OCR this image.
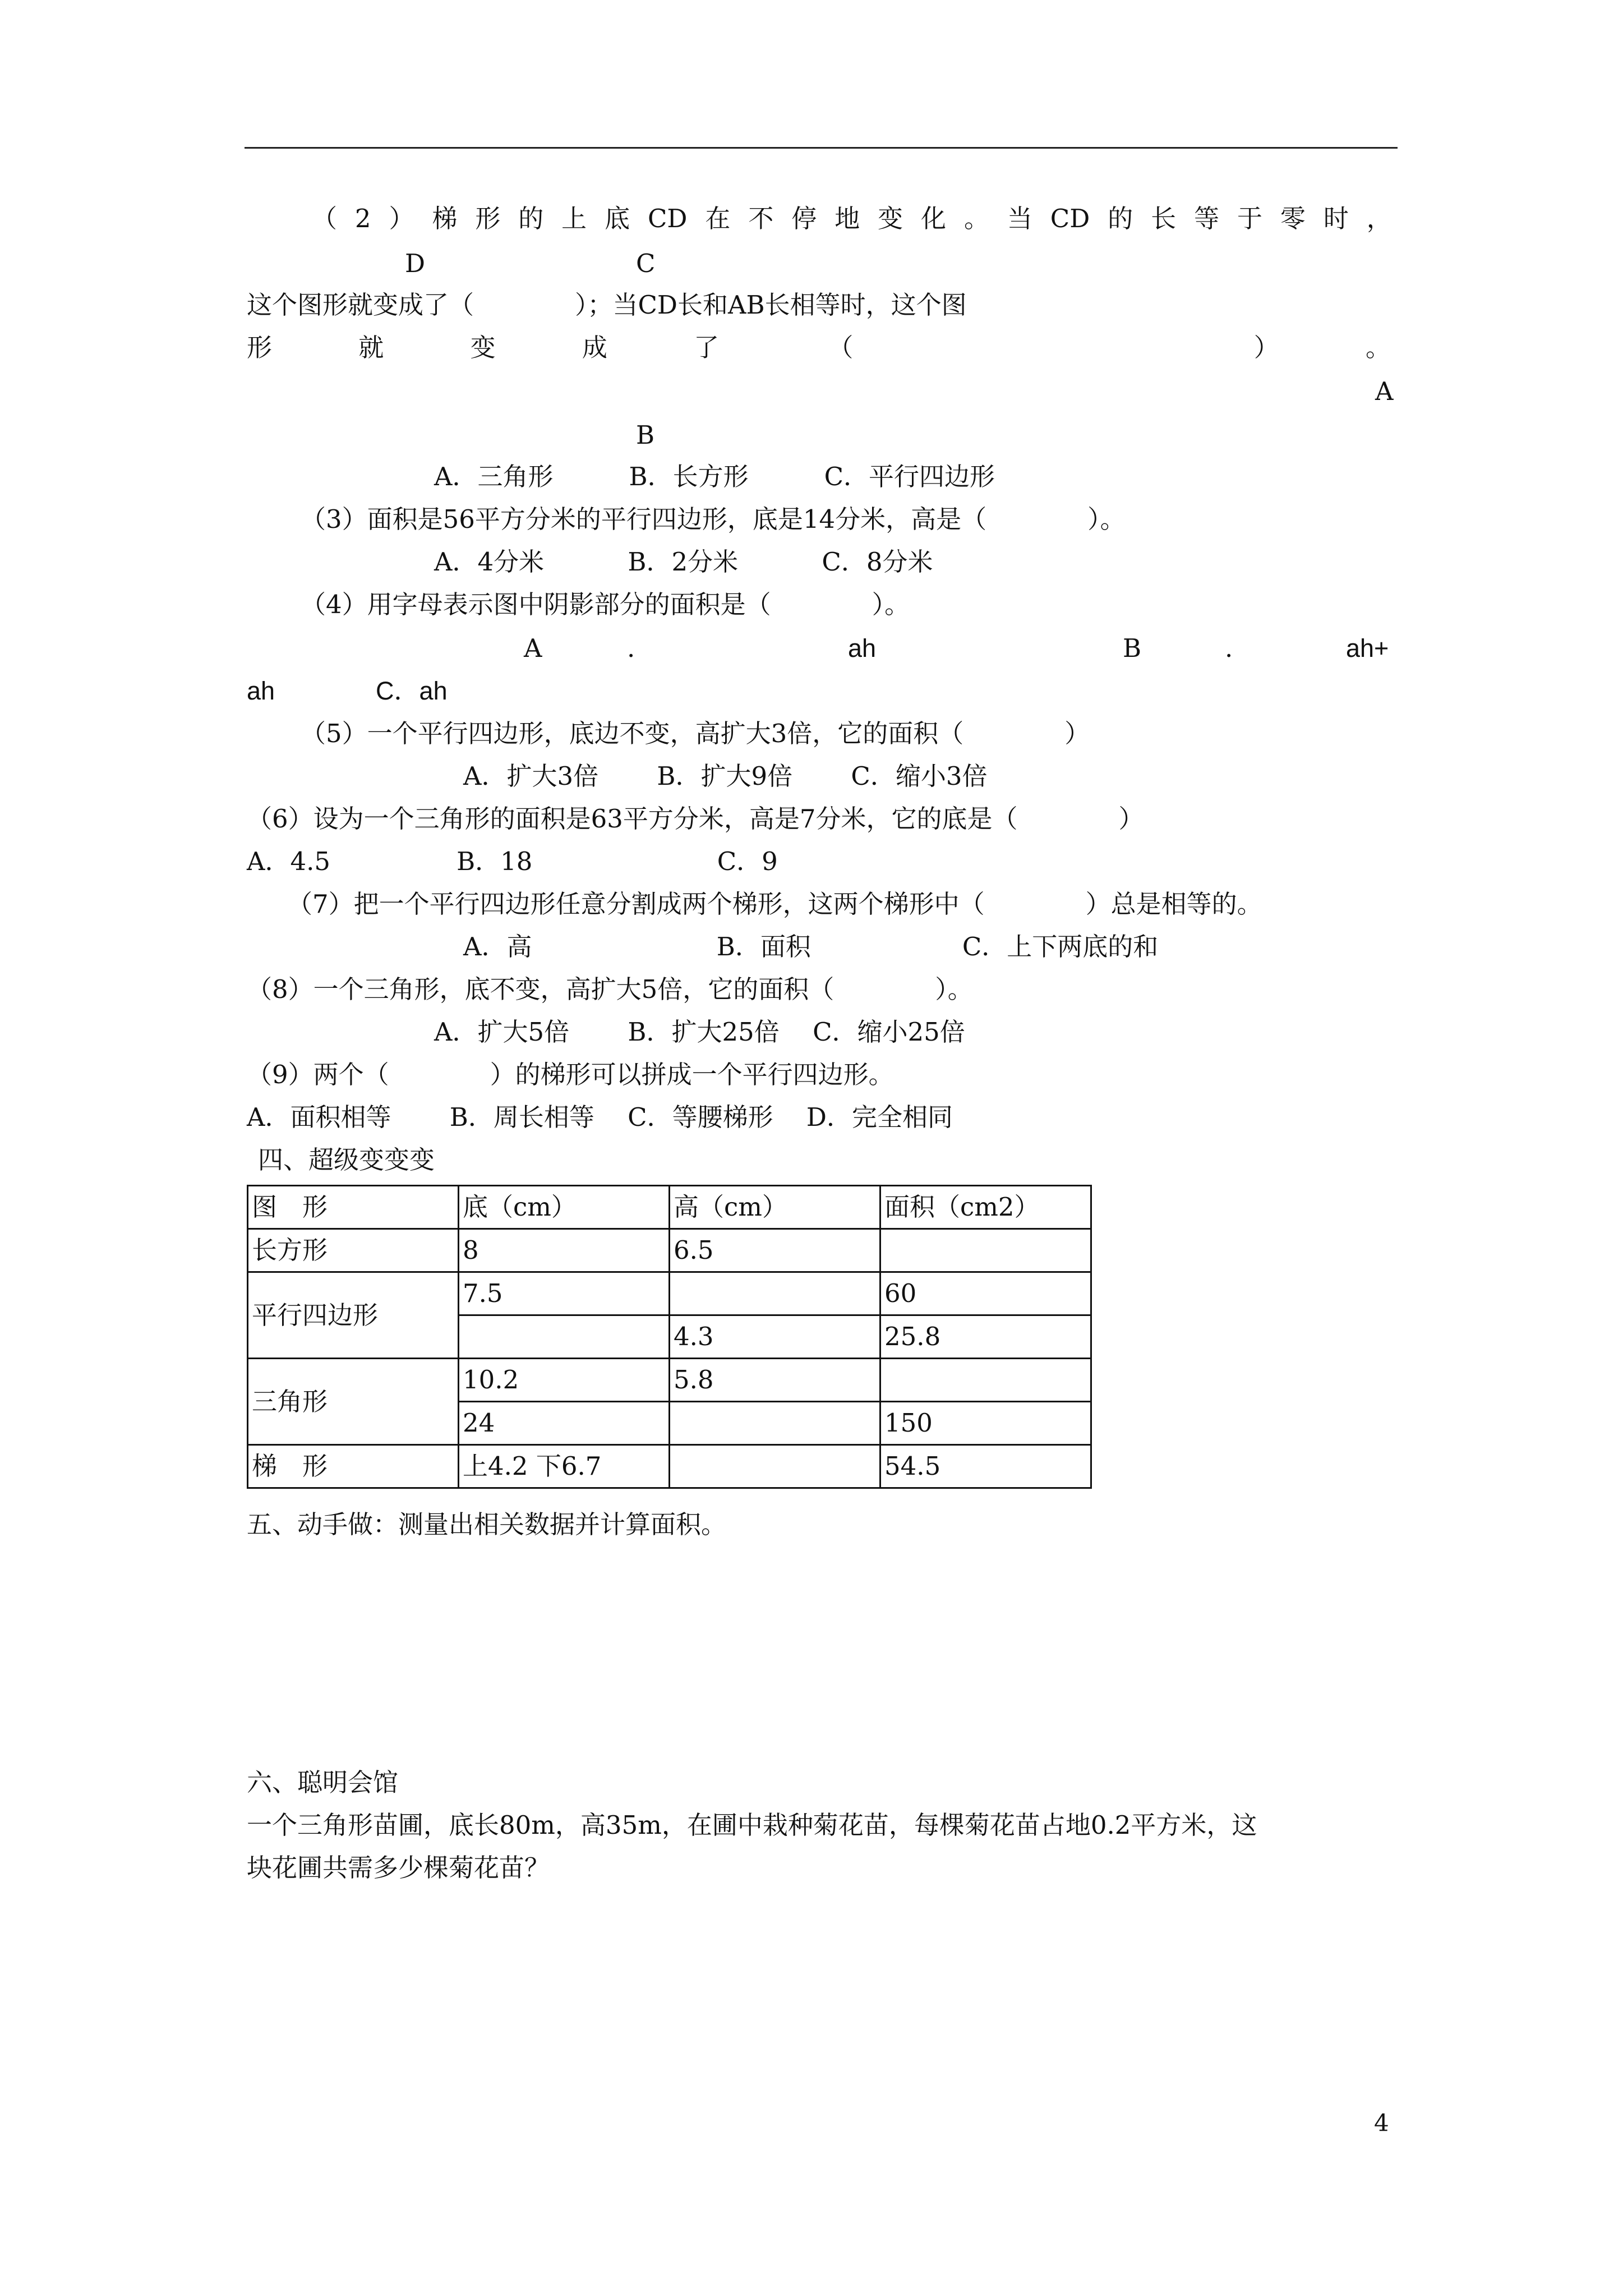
（ 2 ） 梯 形 的 上 底 CD 在 不 停 地 变 化 。 当 CD 的 长 等 于 零 时 ，
D	C
这个图形就变成了（　　　　）；当CD长和AB长相等时，这个图
形	就	变	成	了	（	）	。
A
B
A．三角形　　　B．长方形　　　C．平行四边形
（3）面积是56平方分米的平行四边形，底是14分米，高是（　　　　）。
A．4分米　　　 B．2分米　　　 C．8分米
（4）用字母表示图中阴影部分的面积是（　　　　）。
A	.	ah	B	.	ah+
ah　　　　C．ah
（5）一个平行四边形，底边不变，高扩大3倍，它的面积（　　　　）
A．扩大3倍　　 B．扩大9倍　　 C．缩小3倍
（6）设为一个三角形的面积是63平方分米，高是7分米，它的底是（　　　　）
A．4.5　　　　　B．18　　　　　　　 C．9
（7）把一个平行四边形任意分割成两个梯形，这两个梯形中（　　　　）总是相等的。
A．高　　　　　　　 B．面积　　　　　　C．上下两底的和
（8）一个三角形，底不变，高扩大5倍，它的面积（　　　　）。
A．扩大5倍　　 B．扩大25倍　 C．缩小25倍
（9）两个（　　　　）的梯形可以拼成一个平行四边形。
A．面积相等　　 B．周长相等　 C．等腰梯形　 D．完全相同
四、超级变变变
图　形	底（cm）	高（cm）	面积（cm2）
长方形	8	6.5	
平行四边形	7.5		60
		4.3	25.8
三角形	10.2	5.8	
	24		150
梯　形	上4.2 下6.7		54.5
五、动手做：测量出相关数据并计算面积。
六、聪明会馆
一个三角形苗圃，底长80m，高35m，在圃中栽种菊花苗，每棵菊花苗占地0.2平方米，这
块花圃共需多少棵菊花苗？
4
